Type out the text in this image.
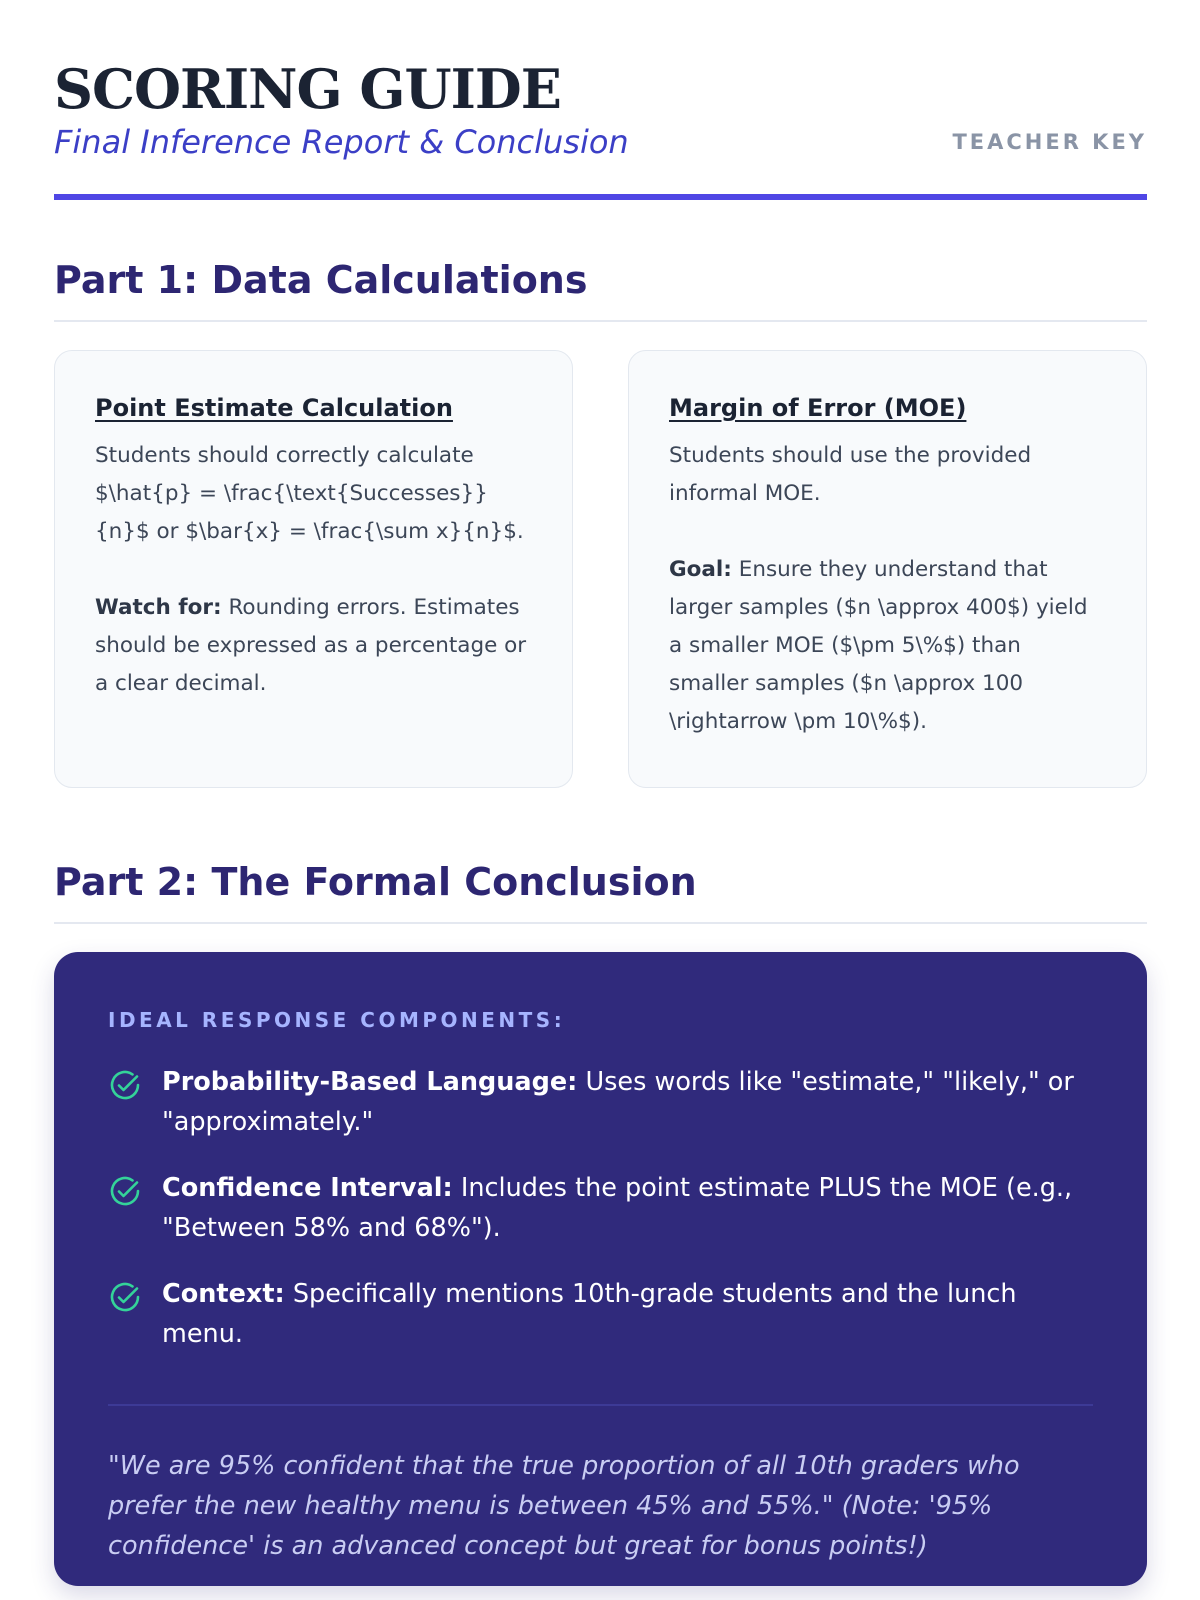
SCORING GUIDE
Final Inference Report & Conclusion	TEACHER KEY
Part 1: Data Calculations
Point Estimate Calculation

Students should correctly calculate $\hat{p} = \frac{\text{Successes}}{n}$ or $\bar{x} = \frac{\sum x}{n}$.

Watch for: Rounding errors. Estimates should be expressed as a percentage or a clear decimal.

Margin of Error (MOE)

Students should use the provided informal MOE.

Goal: Ensure they understand that larger samples ($n \approx 400$) yield a smaller MOE ($\pm 5\%$) than smaller samples ($n \approx 100 \rightarrow \pm 10\%$).

Part 2: The Formal Conclusion
IDEAL RESPONSE COMPONENTS:
Probability-Based Language: Uses words like "estimate," "likely," or "approximately."
Confidence Interval: Includes the point estimate PLUS the MOE (e.g., "Between 58% and 68%").
Context: Specifically mentions 10th-grade students and the lunch menu.

"We are 95% confident that the true proportion of all 10th graders who prefer the new healthy menu is between 45% and 55%." (Note: '95% confidence' is an advanced concept but great for bonus points!)
